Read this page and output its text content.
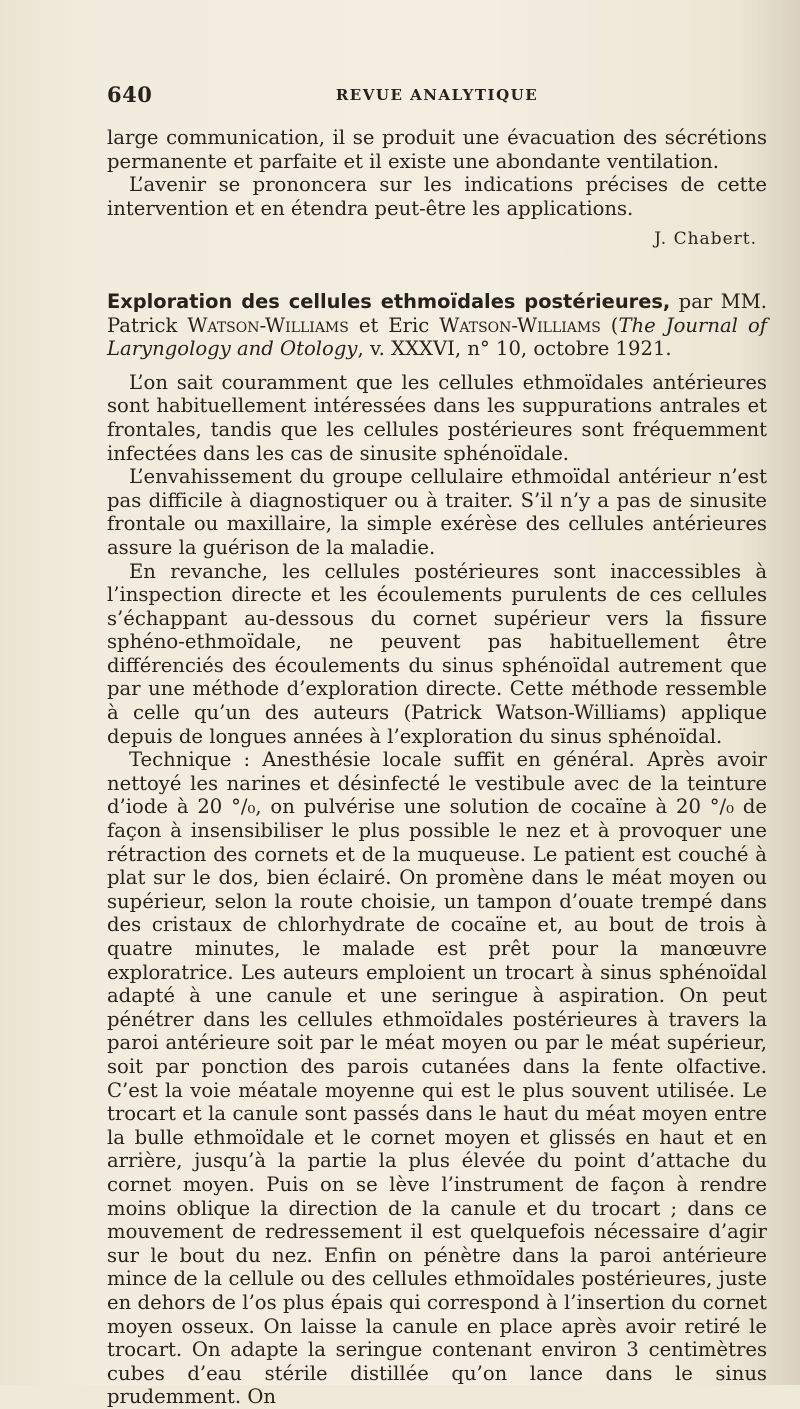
640	REVUE ANALYTIQUE

large communication, il se produit une évacuation des sécrétions permanente et parfaite et il existe une abondante ventilation.

L’avenir se prononcera sur les indications précises de cette intervention et en étendra peut-être les applications.

J. Chabert.

Exploration des cellules ethmoïdales postérieures, par MM. Patrick Watson-Williams et Eric Watson-Williams (The Journal of Laryngology and Otology, v. XXXVI, n° 10, octobre 1921.

L’on sait couramment que les cellules ethmoïdales antérieures sont habituellement intéressées dans les suppurations antrales et frontales, tandis que les cellules postérieures sont fréquemment infectées dans les cas de sinusite sphénoïdale.

L’envahissement du groupe cellulaire ethmoïdal antérieur n’est pas difficile à diagnostiquer ou à traiter. S’il n’y a pas de sinusite frontale ou maxillaire, la simple exérèse des cellules antérieures assure la guérison de la maladie.

En revanche, les cellules postérieures sont inaccessibles à l’inspection directe et les écoulements purulents de ces cellules s’échappant au-dessous du cornet supérieur vers la fissure sphéno-ethmoïdale, ne peuvent pas habituellement être différenciés des écoulements du sinus sphénoïdal autrement que par une méthode d’exploration directe. Cette méthode ressemble à celle qu’un des auteurs (Patrick Watson-Williams) applique depuis de longues années à l’exploration du sinus sphénoïdal.

Technique : Anesthésie locale suffit en général. Après avoir nettoyé les narines et désinfecté le vestibule avec de la teinture d’iode à 20 °/₀, on pulvérise une solution de cocaïne à 20 °/₀ de façon à insensibiliser le plus possible le nez et à provoquer une rétraction des cornets et de la muqueuse. Le patient est couché à plat sur le dos, bien éclairé. On promène dans le méat moyen ou supérieur, selon la route choisie, un tampon d’ouate trempé dans des cristaux de chlorhydrate de cocaïne et, au bout de trois à quatre minutes, le malade est prêt pour la manœuvre exploratrice. Les auteurs emploient un trocart à sinus sphénoïdal adapté à une canule et une seringue à aspiration. On peut pénétrer dans les cellules ethmoïdales postérieures à travers la paroi antérieure soit par le méat moyen ou par le méat supérieur, soit par ponction des parois cutanées dans la fente olfactive. C’est la voie méatale moyenne qui est le plus souvent utilisée. Le trocart et la canule sont passés dans le haut du méat moyen entre la bulle ethmoïdale et le cornet moyen et glissés en haut et en arrière, jusqu’à la partie la plus élevée du point d’attache du cornet moyen. Puis on se lève l’instrument de façon à rendre moins oblique la direction de la canule et du trocart ; dans ce mouvement de redressement il est quelquefois nécessaire d’agir sur le bout du nez. Enfin on pénètre dans la paroi antérieure mince de la cellule ou des cellules ethmoïdales postérieures, juste en dehors de l’os plus épais qui correspond à l’insertion du cornet moyen osseux. On laisse la canule en place après avoir retiré le trocart. On adapte la seringue contenant environ 3 centimètres cubes d’eau stérile distillée qu’on lance dans le sinus prudemment. On
